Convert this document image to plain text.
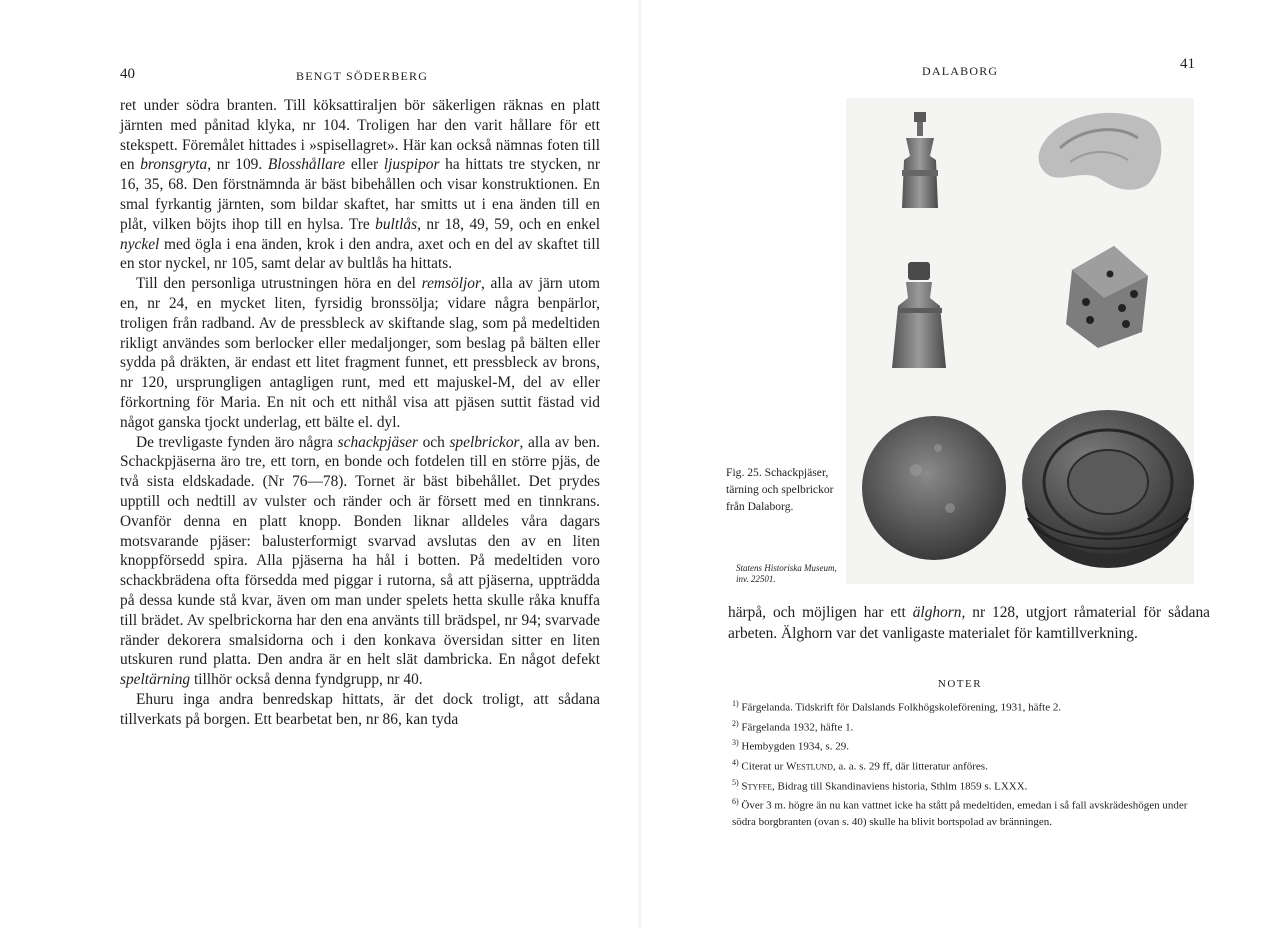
40	BENGT SÖDERBERG

ret under södra branten. Till köksattiraljen bör säkerligen räknas en platt järnten med pånitad klyka, nr 104. Troligen har den varit hållare för ett stekspett. Föremålet hittades i »spisellagret». Här kan också nämnas foten till en bronsgryta, nr 109. Blosshållare eller ljuspipor ha hittats tre stycken, nr 16, 35, 68. Den förstnämnda är bäst bibehållen och visar konstruktionen. En smal fyrkantig järnten, som bildar skaftet, har smitts ut i ena änden till en plåt, vilken böjts ihop till en hylsa. Tre bultlås, nr 18, 49, 59, och en enkel nyckel med ögla i ena änden, krok i den andra, axet och en del av skaftet till en stor nyckel, nr 105, samt delar av bultlås ha hittats.

Till den personliga utrustningen höra en del remsöljor, alla av järn utom en, nr 24, en mycket liten, fyrsidig bronssölja; vidare några benpärlor, troligen från radband. Av de pressbleck av skiftande slag, som på medeltiden rikligt användes som berlocker eller medaljonger, som beslag på bälten eller sydda på dräkten, är endast ett litet fragment funnet, ett pressbleck av brons, nr 120, ursprungligen antagligen runt, med ett majuskel-M, del av eller förkortning för Maria. En nit och ett nithål visa att pjäsen suttit fästad vid något ganska tjockt underlag, ett bälte el. dyl.

De trevligaste fynden äro några schackpjäser och spelbrickor, alla av ben. Schackpjäserna äro tre, ett torn, en bonde och fotdelen till en större pjäs, de två sista eldskadade. (Nr 76—78). Tornet är bäst bibehållet. Det prydes upptill och nedtill av vulster och ränder och är försett med en tinnkrans. Ovanför denna en platt knopp. Bonden liknar alldeles våra dagars motsvarande pjäser: balusterformigt svarvad avslutas den av en liten knoppförsedd spira. Alla pjäserna ha hål i botten. På medeltiden voro schackbrädena ofta försedda med piggar i rutorna, så att pjäserna, uppträdda på dessa kunde stå kvar, även om man under spelets hetta skulle råka knuffa till brädet. Av spelbrickorna har den ena använts till brädspel, nr 94; svarvade ränder dekorera smalsidorna och i den konkava översidan sitter en liten utskuren rund platta. Den andra är en helt slät dambricka. En något defekt speltärning tillhör också denna fyndgrupp, nr 40.

Ehuru inga andra benredskap hittats, är det dock troligt, att sådana tillverkats på borgen. Ett bearbetat ben, nr 86, kan tyda

DALABORG	41
Fig. 25. Schackpjäser, tärning och spelbrickor från Dalaborg.
Statens Historiska Museum, inv. 22501.
härpå, och möjligen har ett älghorn, nr 128, utgjort råmaterial för sådana arbeten. Älghorn var det vanligaste materialet för kamtillverkning.
NOTER
$^{1)}$ Färgelanda. Tidskrift för Dalslands Folkhögskoleförening, 1931, häfte 2.
$^{2)}$ Färgelanda 1932, häfte 1.
$^{3)}$ Hembygden 1934, s. 29.
$^{4)}$ Citerat ur Westlund, a. a. s. 29 ff, där litteratur anföres.
$^{5)}$ Styffe, Bidrag till Skandinaviens historia, Sthlm 1859 s. LXXX.
$^{6)}$ Över 3 m. högre än nu kan vattnet icke ha stått på medeltiden, emedan i så fall avskrädeshögen under södra borgbranten (ovan s. 40) skulle ha blivit bortspolad av bränningen.
